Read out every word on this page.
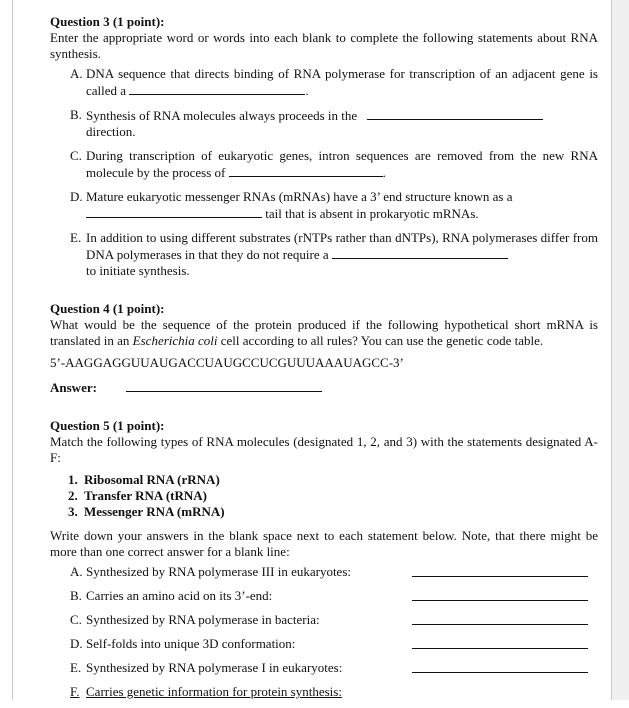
Question 3 (1 point):

Enter the appropriate word or words into each blank to complete the following statements about RNA synthesis.

A. DNA sequence that directs binding of RNA polymerase for transcription of an adjacent gene is called a	.
B. Synthesis of RNA molecules always proceeds in the
direction.
C. During transcription of eukaryotic genes, intron sequences are removed from the new RNA molecule by the process of	.
D. Mature eukaryotic messenger RNAs (mRNAs) have a 3’ end structure known as a
tail that is absent in prokaryotic mRNAs.
E. In addition to using different substrates (rNTPs rather than dNTPs), RNA polymerases differ from DNA polymerases in that they do not require a
to initiate synthesis.

Question 4 (1 point):

What would be the sequence of the protein produced if the following hypothetical short mRNA is translated in an Escherichia coli cell according to all rules? You can use the genetic code table.

5’-AAGGAGGUUAUGACCUAUGCCUCGUUUAAAUAGCC-3’

Answer:

Question 5 (1 point):

Match the following types of RNA molecules (designated 1, 2, and 3) with the statements designated A-F:

1. Ribosomal RNA (rRNA)
2. Transfer RNA (tRNA)
3. Messenger RNA (mRNA)

Write down your answers in the blank space next to each statement below. Note, that there might be more than one correct answer for a blank line:

A. Synthesized by RNA polymerase III in eukaryotes:
B. Carries an amino acid on its 3’-end:
C. Synthesized by RNA polymerase in bacteria:
D. Self-folds into unique 3D conformation:
E. Synthesized by RNA polymerase I in eukaryotes:
F. Carries genetic information for protein synthesis:
